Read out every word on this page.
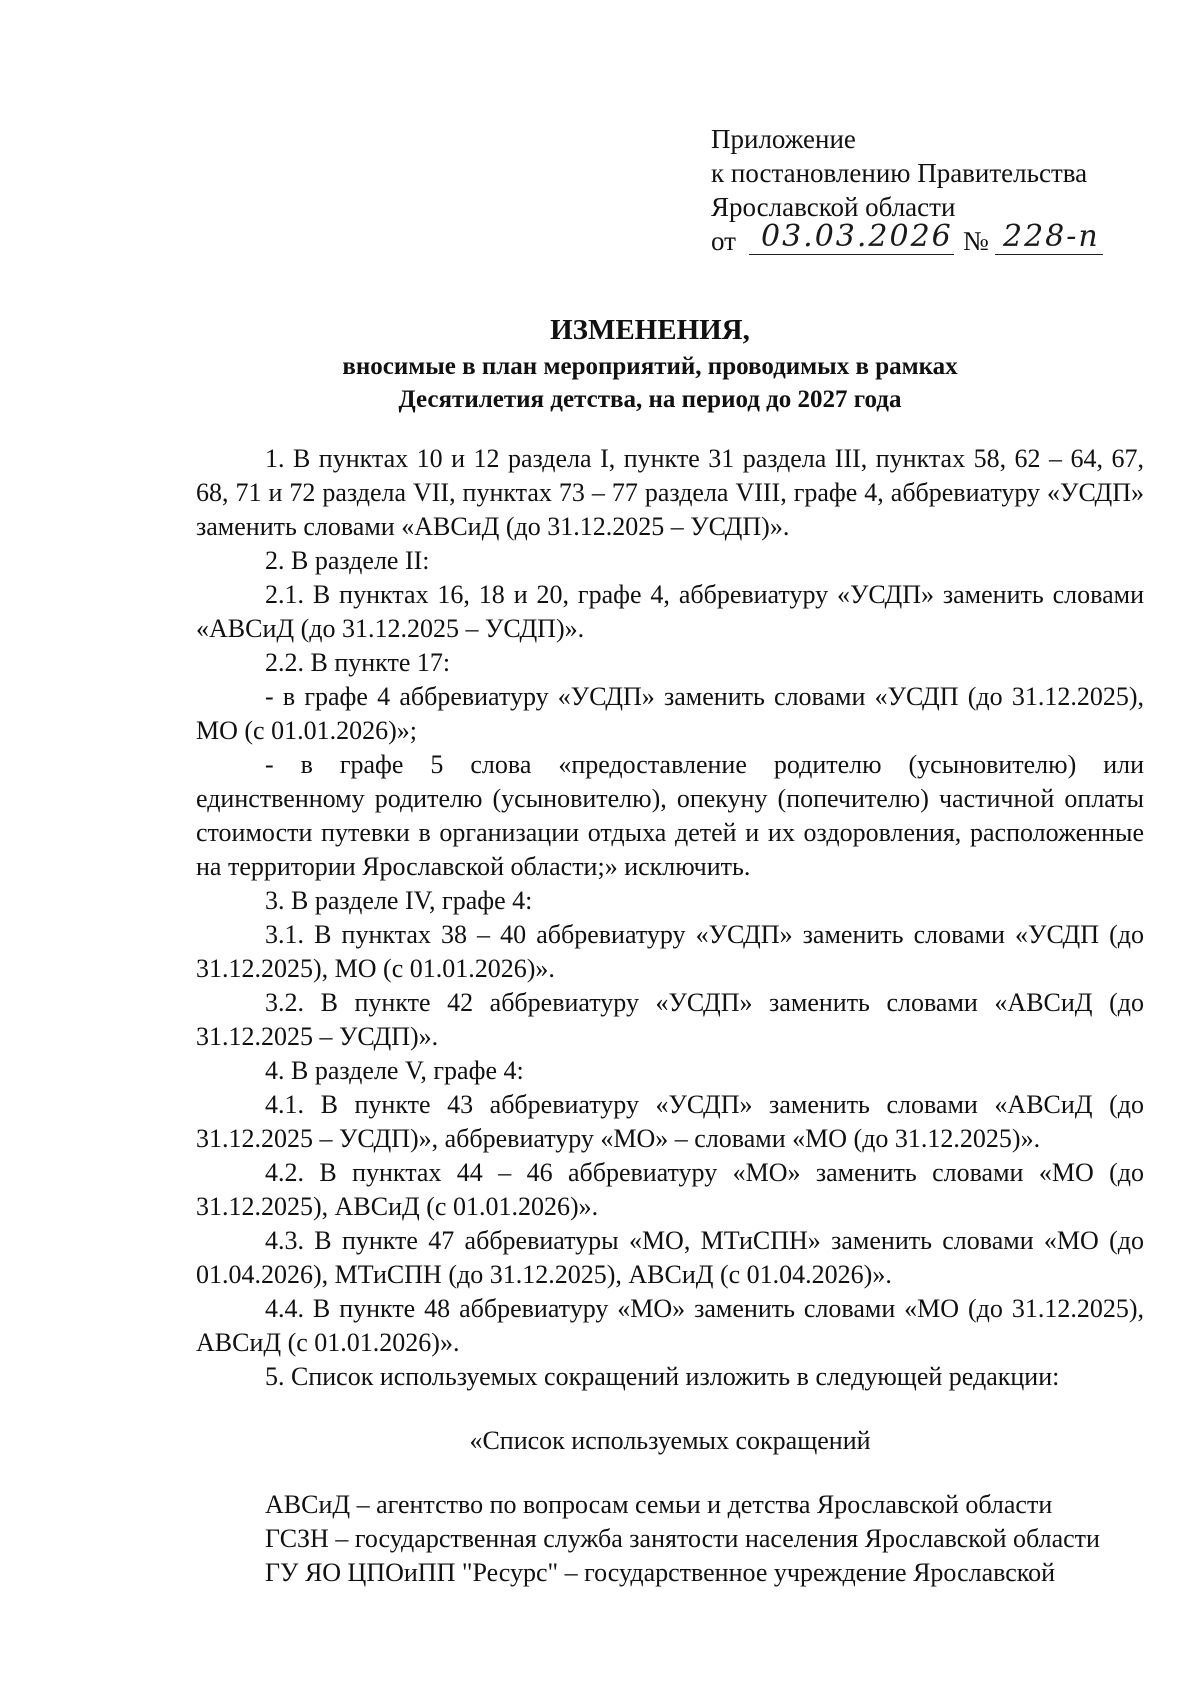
Приложение
к постановлению Правительства
Ярославской области
от 03.03.2026 № 228-п
ИЗМЕНЕНИЯ,
вносимые в план мероприятий, проводимых в рамках
Десятилетия детства, на период до 2027 года

1. В пунктах 10 и 12 раздела I, пункте 31 раздела III, пунктах 58, 62 – 64, 67, 68, 71 и 72 раздела VII, пунктах 73 – 77 раздела VIII, графе 4, аббревиатуру «УСДП» заменить словами «АВСиД (до 31.12.2025 – УСДП)».

2. В разделе II:

2.1. В пунктах 16, 18 и 20, графе 4, аббревиатуру «УСДП» заменить словами «АВСиД (до 31.12.2025 – УСДП)».

2.2. В пункте 17:

- в графе 4 аббревиатуру «УСДП» заменить словами «УСДП (до 31.12.2025), МО (с 01.01.2026)»;

- в графе 5 слова «предоставление родителю (усыновителю) или единственному родителю (усыновителю), опекуну (попечителю) частичной оплаты стоимости путевки в организации отдыха детей и их оздоровления, расположенные на территории Ярославской области;» исключить.

3. В разделе IV, графе 4:

3.1. В пунктах 38 – 40 аббревиатуру «УСДП» заменить словами «УСДП (до 31.12.2025), МО (с 01.01.2026)».

3.2. В пункте 42 аббревиатуру «УСДП» заменить словами «АВСиД (до 31.12.2025 – УСДП)».

4. В разделе V, графе 4:

4.1. В пункте 43 аббревиатуру «УСДП» заменить словами «АВСиД (до 31.12.2025 – УСДП)», аббревиатуру «МО» – словами «МО (до 31.12.2025)».

4.2. В пунктах 44 – 46 аббревиатуру «МО» заменить словами «МО (до 31.12.2025), АВСиД (с 01.01.2026)».

4.3. В пункте 47 аббревиатуры «МО, МТиСПН» заменить словами «МО (до 01.04.2026), МТиСПН (до 31.12.2025), АВСиД (с 01.04.2026)».

4.4. В пункте 48 аббревиатуру «МО» заменить словами «МО (до 31.12.2025), АВСиД (с 01.01.2026)».

5. Список используемых сокращений изложить в следующей редакции:

«Список используемых сокращений

АВСиД – агентство по вопросам семьи и детства Ярославской области

ГСЗН – государственная служба занятости населения Ярославской области

ГУ ЯО ЦПОиПП "Ресурс" – государственное учреждение Ярославской
